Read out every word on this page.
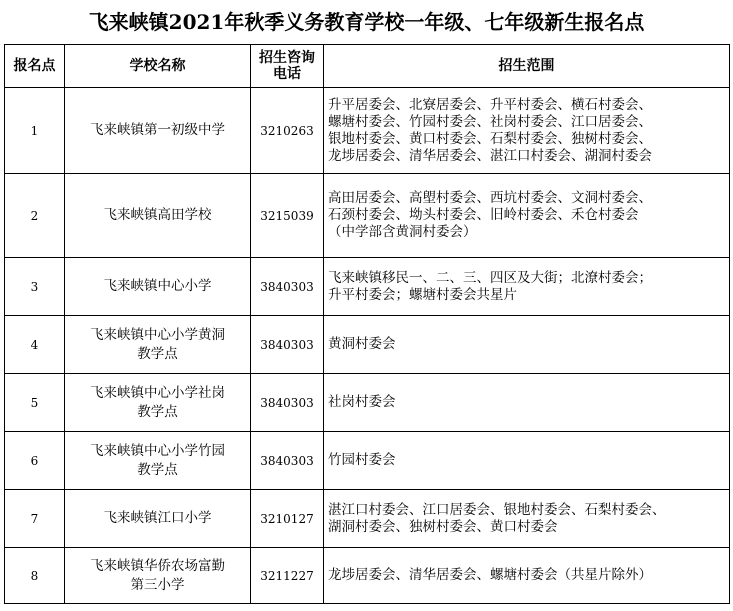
飞来峡镇2021年秋季义务教育学校一年级、七年级新生报名点
报名点	学校名称	招生咨询
电话	招生范围
1	飞来峡镇第一初级中学	3210263	升平居委会、北寮居委会、升平村委会、横石村委会、
螺塘村委会、竹园村委会、社岗村委会、江口居委会、
银地村委会、黄口村委会、石梨村委会、独树村委会、
龙埗居委会、清华居委会、湛江口村委会、湖洞村委会

2	飞来峡镇高田学校	3215039	高田居委会、高塱村委会、西坑村委会、文洞村委会、
石颈村委会、坳头村委会、旧岭村委会、禾仓村委会
（中学部含黄洞村委会）

3	飞来峡镇中心小学	3840303	飞来峡镇移民一、二、三、四区及大街；北潦村委会；
升平村委会；螺塘村委会共星片

4	飞来峡镇中心小学黄洞
教学点	3840303	黄洞村委会

5	飞来峡镇中心小学社岗
教学点	3840303	社岗村委会

6	飞来峡镇中心小学竹园
教学点	3840303	竹园村委会

7	飞来峡镇江口小学	3210127	湛江口村委会、江口居委会、银地村委会、石梨村委会、
湖洞村委会、独树村委会、黄口村委会

8	飞来峡镇华侨农场富勤
第三小学	3211227	龙埗居委会、清华居委会、螺塘村委会（共星片除外）
